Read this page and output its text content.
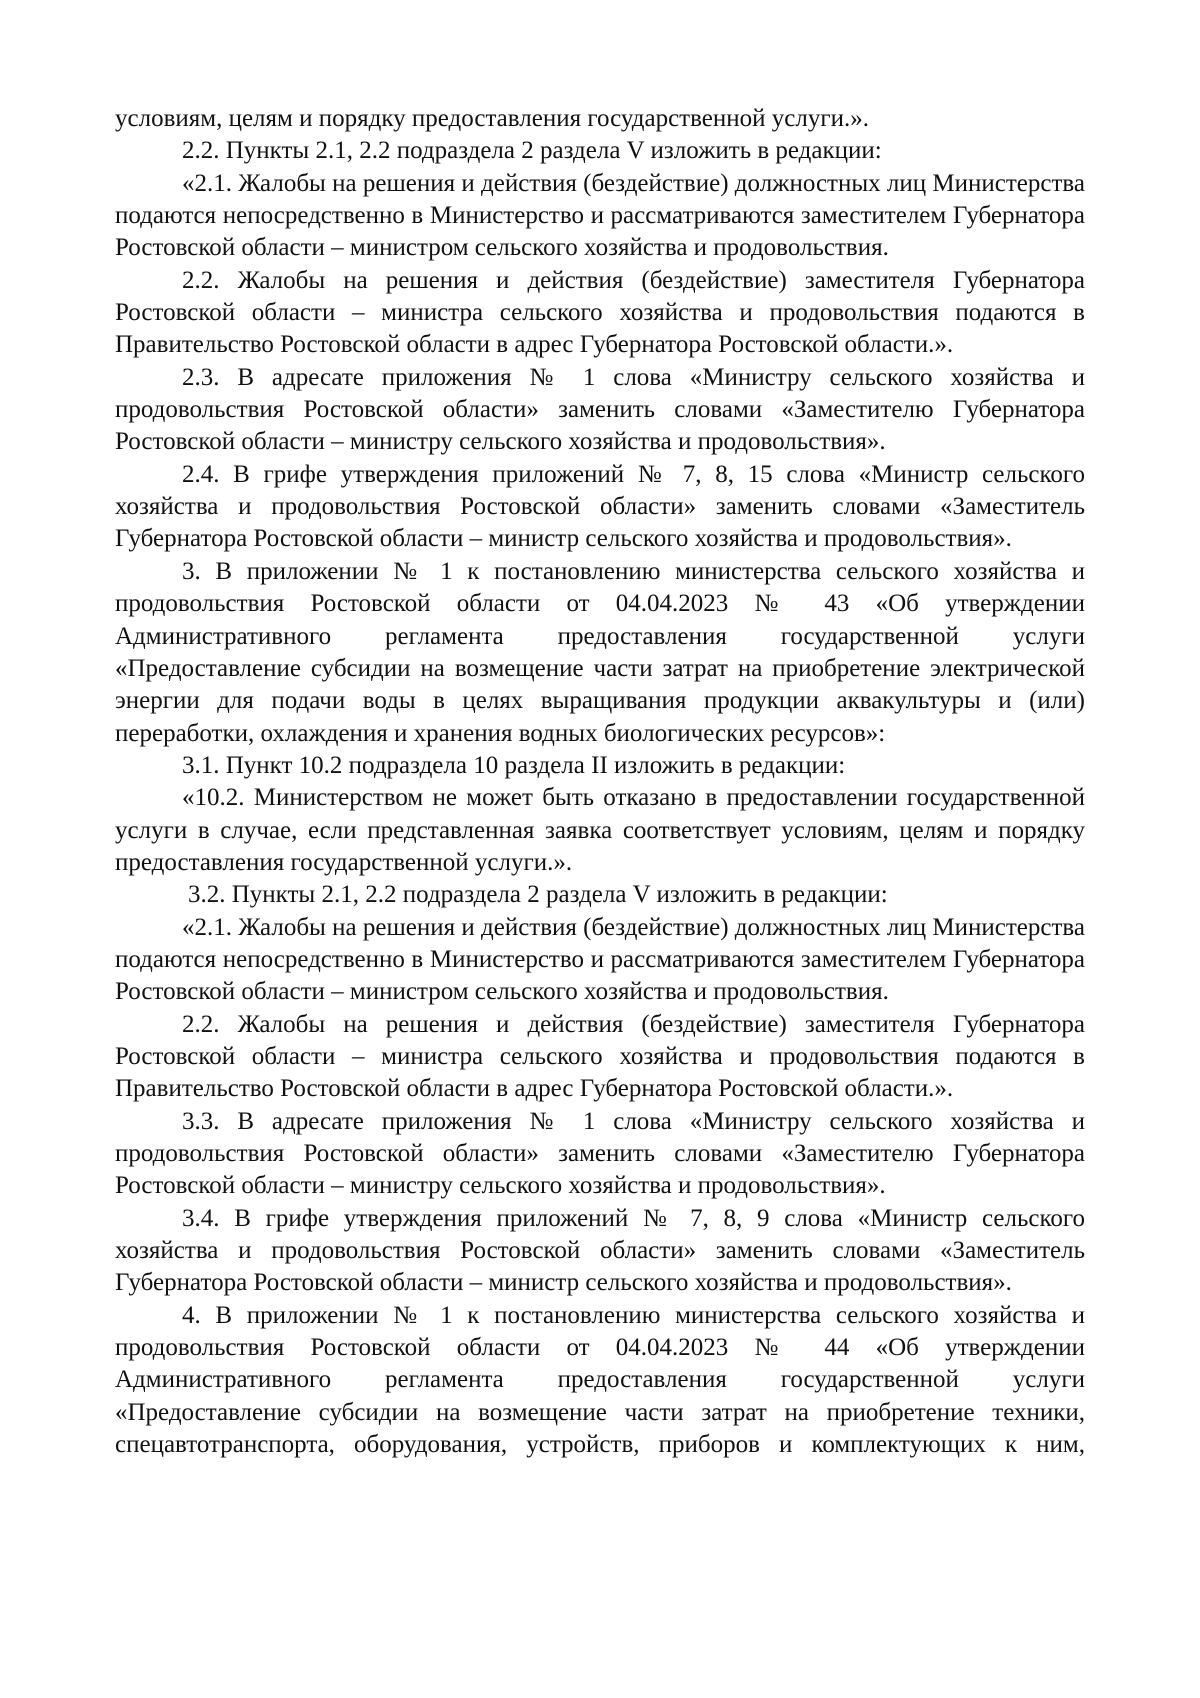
условиям, целям и порядку предоставления государственной услуги.».

2.2. Пункты 2.1, 2.2 подраздела 2 раздела V изложить в редакции:

«2.1. Жалобы на решения и действия (бездействие) должностных лиц Министерства подаются непосредственно в Министерство и рассматриваются заместителем Губернатора Ростовской области – министром сельского хозяйства и продовольствия.

2.2. Жалобы на решения и действия (бездействие) заместителя Губернатора Ростовской области – министра сельского хозяйства и продовольствия подаются в Правительство Ростовской области в адрес Губернатора Ростовской области.».

2.3. В адресате приложения № 1 слова «Министру сельского хозяйства и продовольствия Ростовской области» заменить словами «Заместителю Губернатора Ростовской области – министру сельского хозяйства и продовольствия».

2.4. В грифе утверждения приложений № 7, 8, 15 слова «Министр сельского хозяйства и продовольствия Ростовской области» заменить словами «Заместитель Губернатора Ростовской области – министр сельского хозяйства и продовольствия».

3. В приложении № 1 к постановлению министерства сельского хозяйства и продовольствия Ростовской области от 04.04.2023 № 43 «Об утверждении Административного регламента предоставления государственной услуги «Предоставление субсидии на возмещение части затрат на приобретение электрической энергии для подачи воды в целях выращивания продукции аквакультуры и (или) переработки, охлаждения и хранения водных биологических ресурсов»:

3.1. Пункт 10.2 подраздела 10 раздела II изложить в редакции:

«10.2. Министерством не может быть отказано в предоставлении государственной услуги в случае, если представленная заявка соответствует условиям, целям и порядку предоставления государственной услуги.».

3.2. Пункты 2.1, 2.2 подраздела 2 раздела V изложить в редакции:

«2.1. Жалобы на решения и действия (бездействие) должностных лиц Министерства подаются непосредственно в Министерство и рассматриваются заместителем Губернатора Ростовской области – министром сельского хозяйства и продовольствия.

2.2. Жалобы на решения и действия (бездействие) заместителя Губернатора Ростовской области – министра сельского хозяйства и продовольствия подаются в Правительство Ростовской области в адрес Губернатора Ростовской области.».

3.3. В адресате приложения № 1 слова «Министру сельского хозяйства и продовольствия Ростовской области» заменить словами «Заместителю Губернатора Ростовской области – министру сельского хозяйства и продовольствия».

3.4. В грифе утверждения приложений № 7, 8, 9 слова «Министр сельского хозяйства и продовольствия Ростовской области» заменить словами «Заместитель Губернатора Ростовской области – министр сельского хозяйства и продовольствия».

4. В приложении № 1 к постановлению министерства сельского хозяйства и продовольствия Ростовской области от 04.04.2023 № 44 «Об утверждении Административного регламента предоставления государственной услуги «Предоставление субсидии на возмещение части затрат на приобретение техники, спецавтотранспорта, оборудования, устройств, приборов и комплектующих к ним,
